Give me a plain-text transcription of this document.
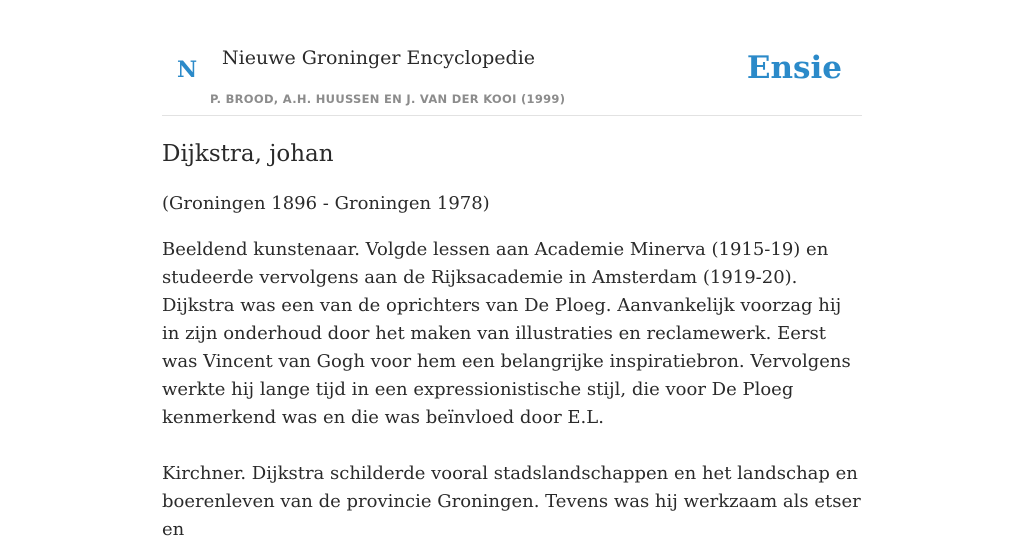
N Nieuwe Groninger Encyclopedie
P. BROOD, A.H. HUUSSEN EN J. VAN DER KOOI (1999)
Ensie
Dijkstra, johan

(Groningen 1896 - Groningen 1978)

Beeldend kunstenaar. Volgde lessen aan Academie Minerva (1915-19) en studeerde vervolgens aan de Rijksacademie in Amsterdam (1919-20). Dijkstra was een van de oprichters van De Ploeg. Aanvankelijk voorzag hij in zijn onderhoud door het maken van illustraties en reclamewerk. Eerst was Vincent van Gogh voor hem een belangrijke inspiratiebron. Vervolgens werkte hij lange tijd in een expressionistische stijl, die voor De Ploeg kenmerkend was en die was beïnvloed door E.L.

Kirchner. Dijkstra schilderde vooral stadslandschappen en het landschap en boerenleven van de provincie Groningen. Tevens was hij werkzaam als etser en
